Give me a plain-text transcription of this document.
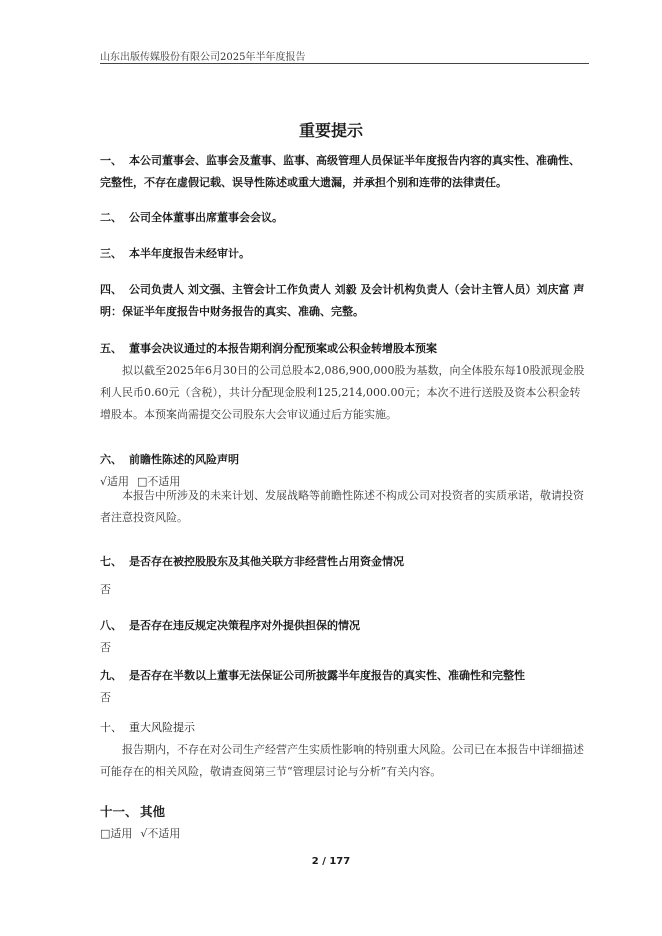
山东出版传媒股份有限公司2025年半年度报告
重要提示
一、 本公司董事会、监事会及董事、监事、高级管理人员保证半年度报告内容的真实性、准确性、完整性，不存在虚假记载、误导性陈述或重大遗漏，并承担个别和连带的法律责任。
二、 公司全体董事出席董事会会议。
三、 本半年度报告未经审计。
四、 公司负责人 刘文强、主管会计工作负责人 刘毅 及会计机构负责人（会计主管人员）刘庆富 声明：保证半年度报告中财务报告的真实、准确、完整。
五、 董事会决议通过的本报告期利润分配预案或公积金转增股本预案
拟以截至2025年6月30日的公司总股本2,086,900,000股为基数，向全体股东每10股派现金股利人民币0.60元（含税），共计分配现金股利125,214,000.00元；本次不进行送股及资本公积金转增股本。本预案尚需提交公司股东大会审议通过后方能实施。
六、 前瞻性陈述的风险声明
√适用 □不适用
本报告中所涉及的未来计划、发展战略等前瞻性陈述不构成公司对投资者的实质承诺，敬请投资者注意投资风险。
七、 是否存在被控股股东及其他关联方非经营性占用资金情况
否
八、 是否存在违反规定决策程序对外提供担保的情况
否
九、 是否存在半数以上董事无法保证公司所披露半年度报告的真实性、准确性和完整性
否
十、 重大风险提示
报告期内，不存在对公司生产经营产生实质性影响的特别重大风险。公司已在本报告中详细描述可能存在的相关风险，敬请查阅第三节“管理层讨论与分析”有关内容。
十一、 其他
□适用 √不适用
2 / 177
